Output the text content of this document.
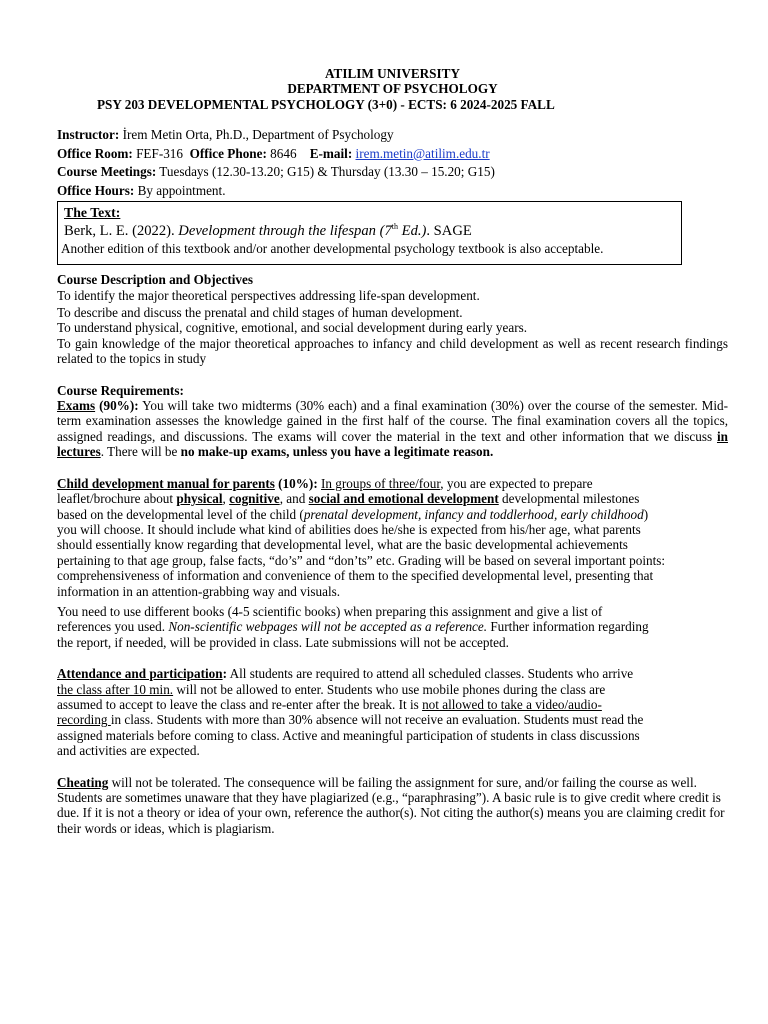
ATILIM UNIVERSITY
DEPARTMENT OF PSYCHOLOGY
PSY 203 DEVELOPMENTAL PSYCHOLOGY (3+0) - ECTS: 6 2024-2025 FALL
Instructor: İrem Metin Orta, Ph.D., Department of Psychology
Office Room: FEF-316  Office Phone: 8646    E-mail: irem.metin@atilim.edu.tr
Course Meetings: Tuesdays (12.30-13.20; G15) & Thursday (13.30 – 15.20; G15)
Office Hours: By appointment.
The Text:
Berk, L. E. (2022). Development through the lifespan (7th Ed.). SAGE
Another edition of this textbook and/or another developmental psychology textbook is also acceptable.
Course Description and Objectives

To identify the major theoretical perspectives addressing life-span development.

To describe and discuss the prenatal and child stages of human development.

To understand physical, cognitive, emotional, and social development during early years.

To gain knowledge of the major theoretical approaches to infancy and child development as well as recent research findings related to the topics in study

Course Requirements:

Exams (90%): You will take two midterms (30% each) and a final examination (30%) over the course of the semester. Mid-term examination assesses the knowledge gained in the first half of the course. The final examination covers all the topics, assigned readings, and discussions. The exams will cover the material in the text and other information that we discuss in lectures. There will be no make-up exams, unless you have a legitimate reason.

Child development manual for parents (10%): In groups of three/four, you are expected to prepare leaflet/brochure about physical, cognitive, and social and emotional development developmental milestones based on the developmental level of the child (prenatal development, infancy and toddlerhood, early childhood) you will choose. It should include what kind of abilities does he/she is expected from his/her age, what parents should essentially know regarding that developmental level, what are the basic developmental achievements pertaining to that age group, false facts, “do’s” and “don’ts” etc. Grading will be based on several important points: comprehensiveness of information and convenience of them to the specified developmental level, presenting that information in an attention-grabbing way and visuals.

You need to use different books (4-5 scientific books) when preparing this assignment and give a list of references you used. Non-scientific webpages will not be accepted as a reference. Further information regarding the report, if needed, will be provided in class. Late submissions will not be accepted.

Attendance and participation: All students are required to attend all scheduled classes. Students who arrive the class after 10 min. will not be allowed to enter. Students who use mobile phones during the class are assumed to accept to leave the class and re-enter after the break. It is not allowed to take a video/audio-recording in class. Students with more than 30% absence will not receive an evaluation. Students must read the assigned materials before coming to class. Active and meaningful participation of students in class discussions and activities are expected.

Cheating will not be tolerated. The consequence will be failing the assignment for sure, and/or failing the course as well. Students are sometimes unaware that they have plagiarized (e.g., “paraphrasing”). A basic rule is to give credit where credit is due. If it is not a theory or idea of your own, reference the author(s). Not citing the author(s) means you are claiming credit for their words or ideas, which is plagiarism.
